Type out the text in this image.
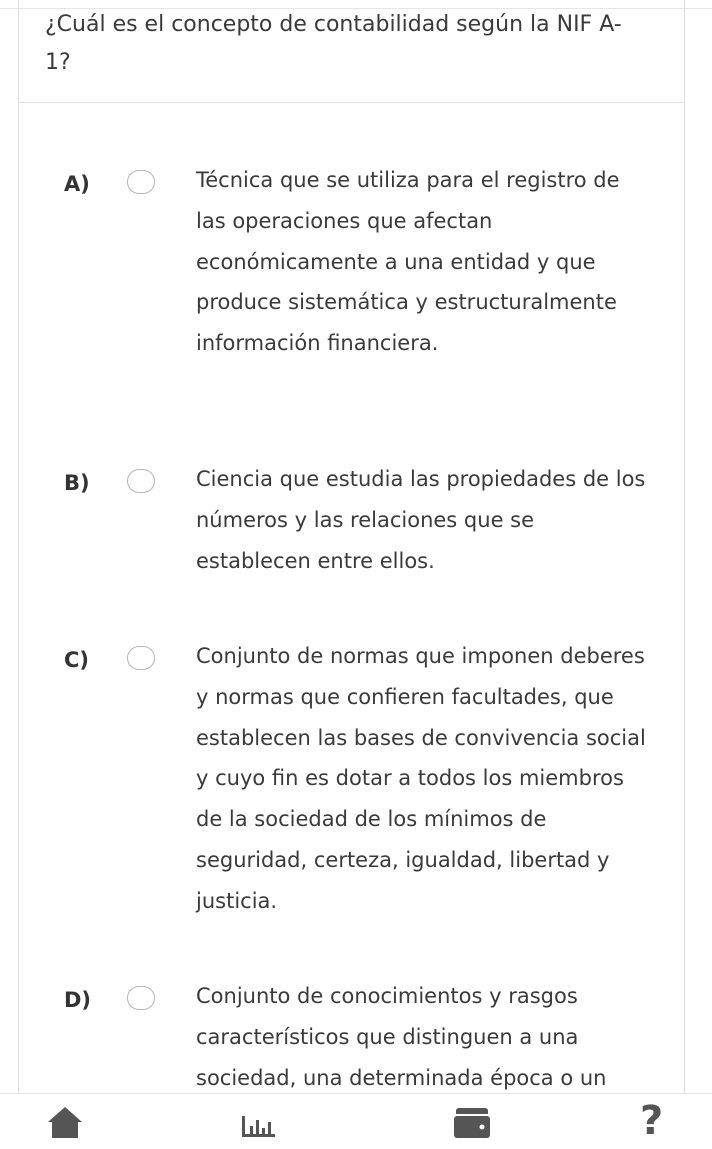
¿Cuál es el concepto de contabilidad según la NIF A-1?

A)	Técnica que se utiliza para el registro de las operaciones que afectan económicamente a una entidad y que produce sistemática y estructuralmente información financiera.
B)	Ciencia que estudia las propiedades de los números y las relaciones que se establecen entre ellos.
C)	Conjunto de normas que imponen deberes y normas que confieren facultades, que establecen las bases de convivencia social y cuyo fin es dotar a todos los miembros de la sociedad de los mínimos de seguridad, certeza, igualdad, libertad y justicia.
D)	Conjunto de conocimientos y rasgos característicos que distinguen a una sociedad, una determinada época o un
?
